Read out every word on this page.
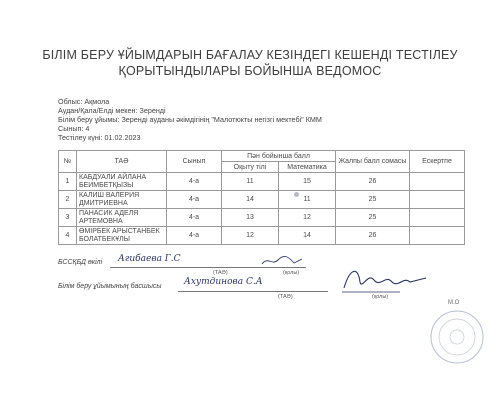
БІЛІМ БЕРУ ҰЙЫМДАРЫН БАҒАЛАУ КЕЗІНДЕГІ КЕШЕНДІ ТЕСТІЛЕУ
ҚОРЫТЫНДЫЛАРЫ БОЙЫНША ВЕДОМОС
Облыс: Ақмола
Аудан/Қала/Елді мекен: Зеренді
Білім беру ұйымы: Зеренді ауданы әкімдігінің "Малотюкты негізгі мектебі" КММ
Сынып: 4
Тестілеу күні: 01.02.2023
№	ТАӘ	Сынып	Пән бойынша балл		Жалпы балл сомасы	Ескертпе
			Оқыту тілі	Математика		
1	КАБДУАЛИ АЙЛАНА БЕИМБЕТҚЫЗЫ	4-а	11	15	26	
2	КАЛИШ ВАЛЕРИЯ ДМИТРИЕВНА	4-а	14	11	25	
3	ПАНАСИК АДЕЛЯ АРТЕМОВНА	4-а	13	12	25	
4	ӨМІРБЕК АРЫСТАНБЕК БОЛАТБЕКҰЛЫ	4-а	12	14	26	
БССҚБД өкілі Агибаева Г.С
(ТАӘ)	(қолы)
Білім беру ұйымының басшысы Ахутдинова С.А
(ТАӘ)	(қолы)
М.О
